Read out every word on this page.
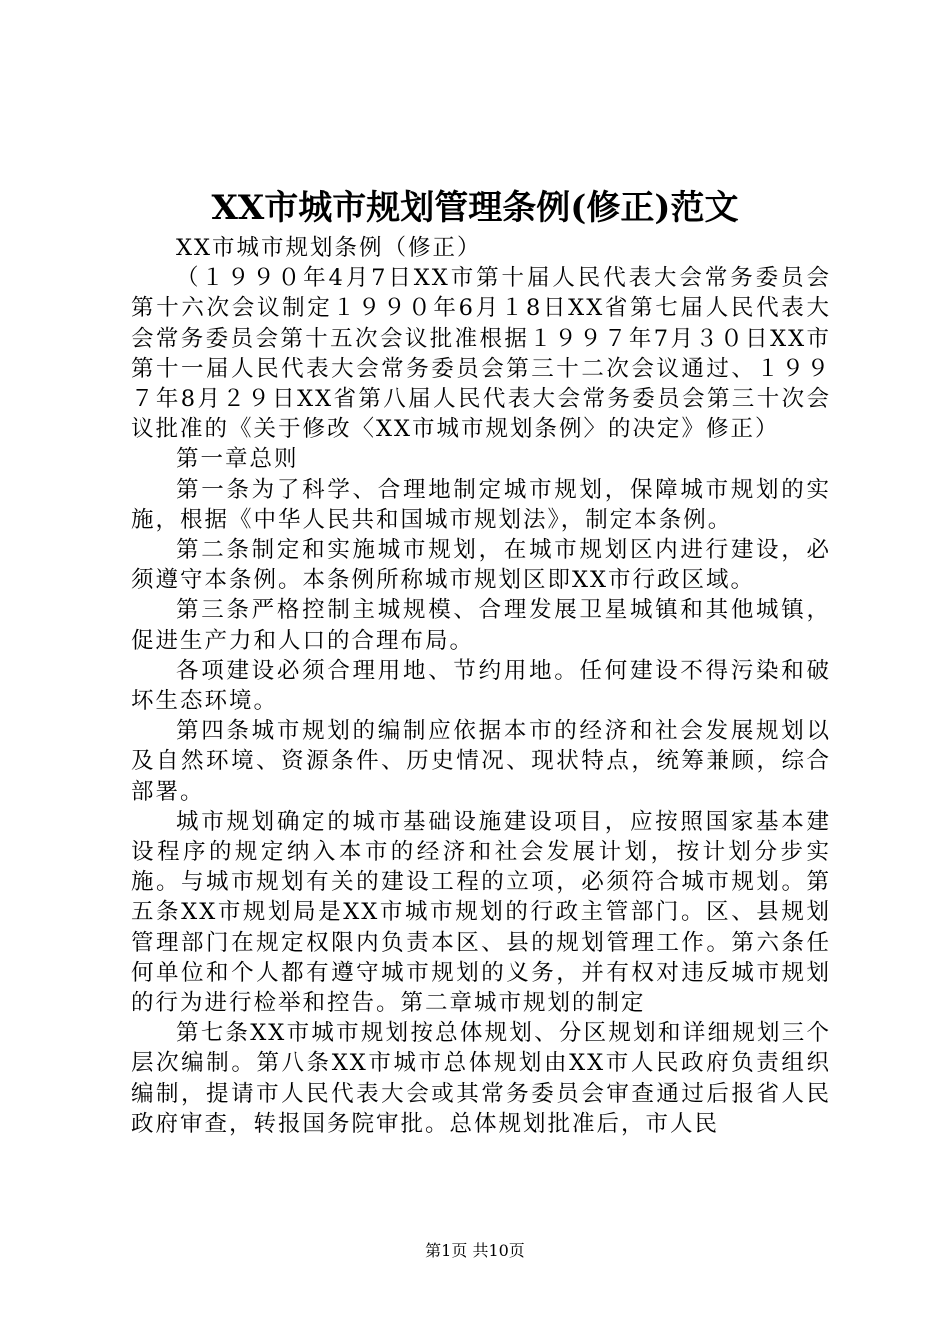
XX市城市规划管理条例(修正)范文

XX市城市规划条例（修正）

（１９９０年4月7日XX市第十届人民代表大会常务委员会第十六次会议制定１９９０年6月１8日XX省第七届人民代表大会常务委员会第十五次会议批准根据１９９７年7月３０日XX市第十一届人民代表大会常务委员会第三十二次会议通过、１９９７年8月２９日XX省第八届人民代表大会常务委员会第三十次会议批准的《关于修改〈XX市城市规划条例〉的决定》修正）

第一章总则

第一条为了科学、合理地制定城市规划，保障城市规划的实施，根据《中华人民共和国城市规划法》，制定本条例。

第二条制定和实施城市规划，在城市规划区内进行建设，必须遵守本条例。本条例所称城市规划区即XX市行政区域。

第三条严格控制主城规模、合理发展卫星城镇和其他城镇，促进生产力和人口的合理布局。

各项建设必须合理用地、节约用地。任何建设不得污染和破坏生态环境。

第四条城市规划的编制应依据本市的经济和社会发展规划以及自然环境、资源条件、历史情况、现状特点，统筹兼顾，综合部署。

城市规划确定的城市基础设施建设项目，应按照国家基本建设程序的规定纳入本市的经济和社会发展计划，按计划分步实施。与城市规划有关的建设工程的立项，必须符合城市规划。第五条XX市规划局是XX市城市规划的行政主管部门。区、县规划管理部门在规定权限内负责本区、县的规划管理工作。第六条任何单位和个人都有遵守城市规划的义务，并有权对违反城市规划的行为进行检举和控告。第二章城市规划的制定

第七条XX市城市规划按总体规划、分区规划和详细规划三个层次编制。第八条XX市城市总体规划由XX市人民政府负责组织编制，提请市人民代表大会或其常务委员会审查通过后报省人民政府审查，转报国务院审批。总体规划批准后，市人民

第1页 共10页
